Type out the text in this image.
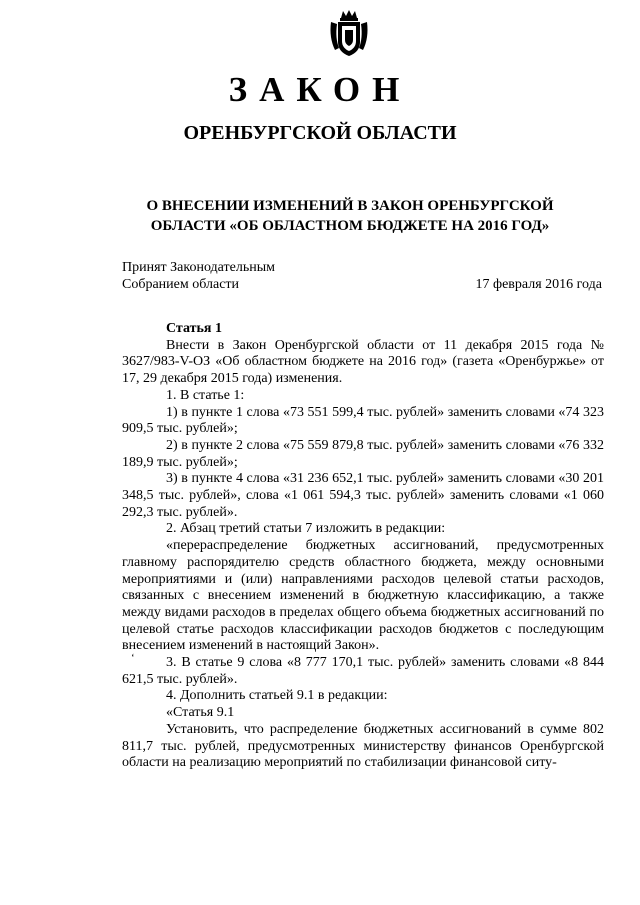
ЗАКОН
ОРЕНБУРГСКОЙ ОБЛАСТИ
О ВНЕСЕНИИ ИЗМЕНЕНИЙ В ЗАКОН ОРЕНБУРГСКОЙ
ОБЛАСТИ «ОБ ОБЛАСТНОМ БЮДЖЕТЕ НА 2016 ГОД»
Принят Законодательным
Собранием области	17 февраля 2016 года

Статья 1

Внести в Закон Оренбургской области от 11 декабря 2015 года № 3627/983-V-ОЗ «Об областном бюджете на 2016 год» (газета «Оренбуржье» от 17, 29 декабря 2015 года) изменения.

1. В статье 1:

1) в пункте 1 слова «73 551 599,4 тыс. рублей» заменить словами «74 323 909,5 тыс. рублей»;

2) в пункте 2 слова «75 559 879,8 тыс. рублей» заменить словами «76 332 189,9 тыс. рублей»;

3) в пункте 4 слова «31 236 652,1 тыс. рублей» заменить словами «30 201 348,5 тыс. рублей», слова «1 061 594,3 тыс. рублей» заменить словами «1 060 292,3 тыс. рублей».

2. Абзац третий статьи 7 изложить в редакции:

«перераспределение бюджетных ассигнований, предусмотренных главному распорядителю средств областного бюджета, между основными мероприятиями и (или) направлениями расходов целевой статьи расходов, связанных с внесением изменений в бюджетную классификацию, а также между видами расходов в пределах общего объема бюджетных ассигнований по целевой статье расходов классификации расходов бюджетов с последующим внесением изменений в настоящий Закон».

3. В статье 9 слова «8 777 170,1 тыс. рублей» заменить словами «8 844 621,5 тыс. рублей».

4. Дополнить статьей 9.1 в редакции:

«Статья 9.1

Установить, что распределение бюджетных ассигнований в сумме 802 811,7 тыс. рублей, предусмотренных министерству финансов Оренбургской области на реализацию мероприятий по стабилизации финансовой ситу-

‘
